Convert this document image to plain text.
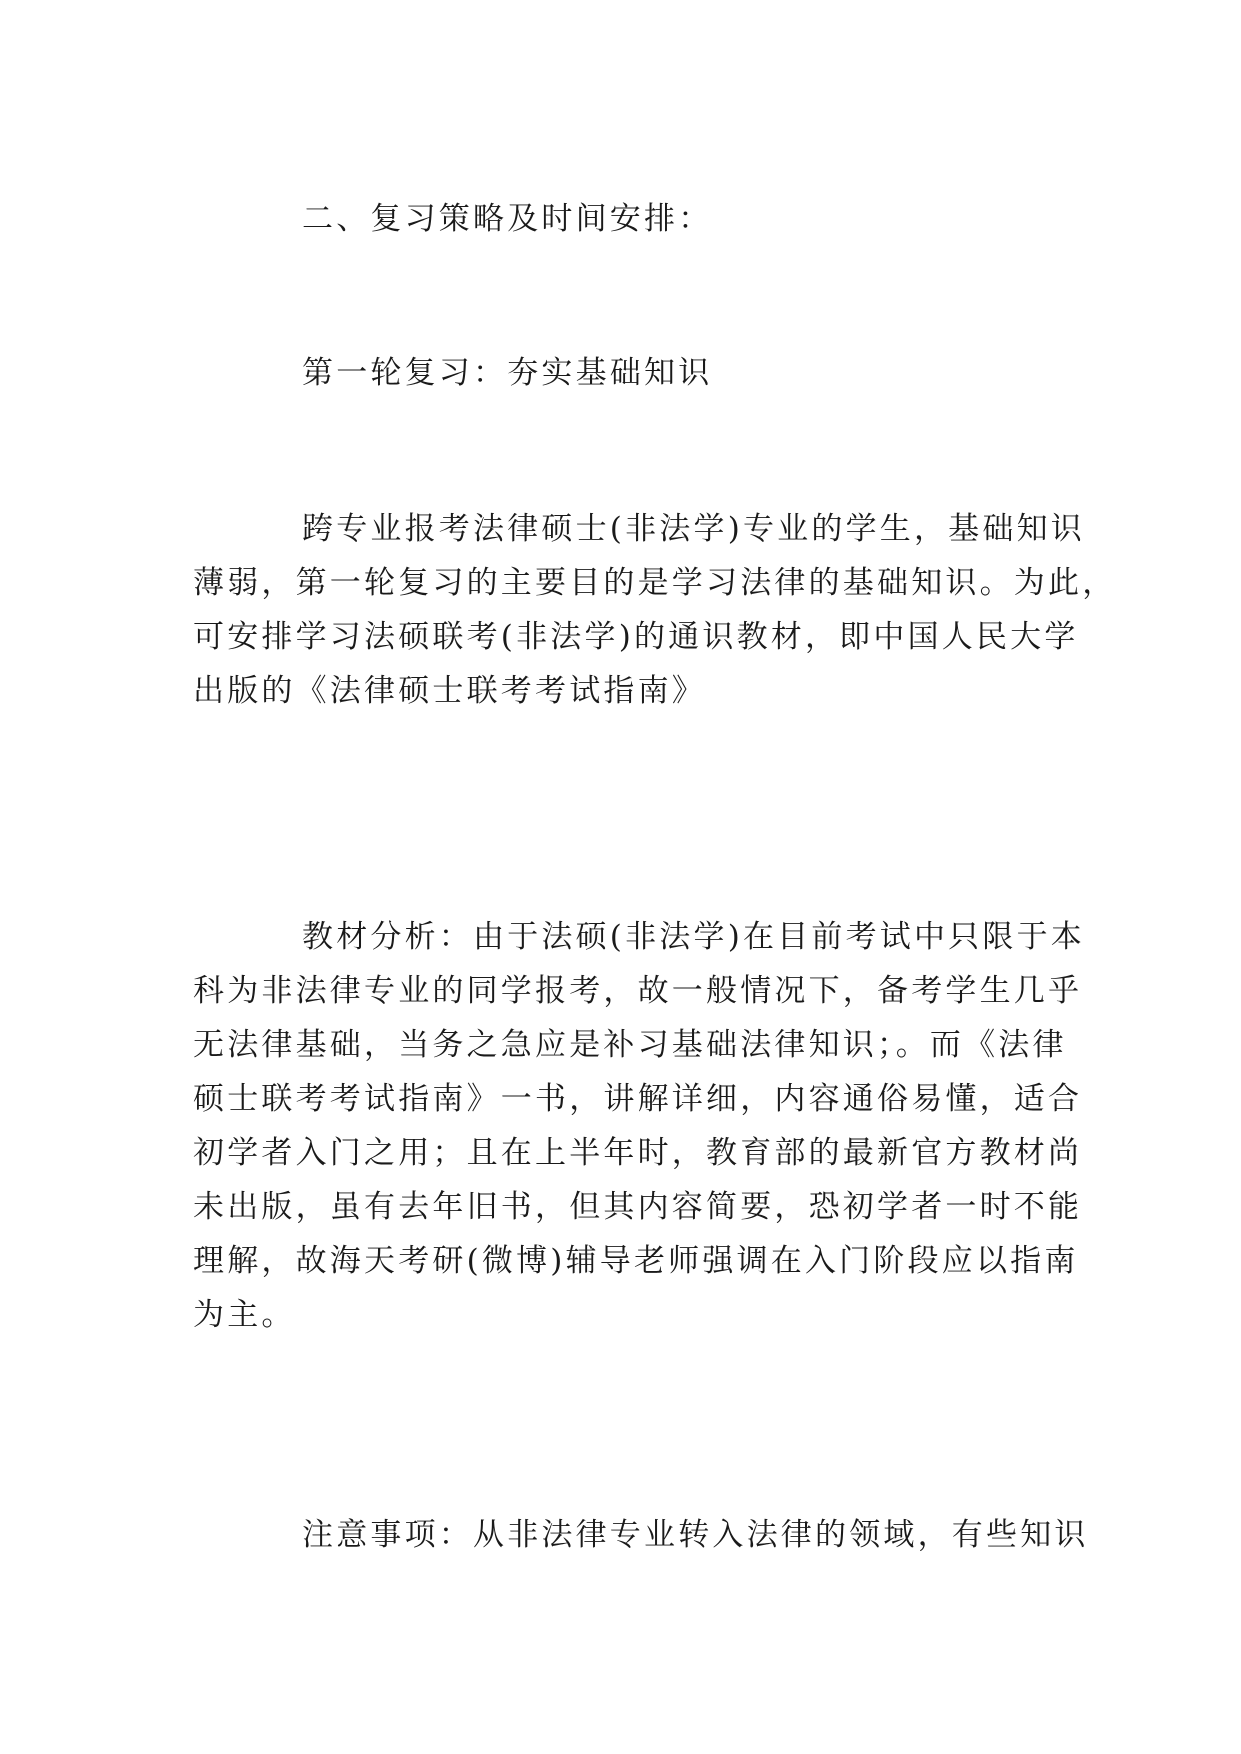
二、复习策略及时间安排：

第一轮复习：夯实基础知识

跨专业报考法律硕士(非法学)专业的学生，基础知识
薄弱，第一轮复习的主要目的是学习法律的基础知识。为此，
可安排学习法硕联考(非法学)的通识教材，即中国人民大学
出版的《法律硕士联考考试指南》
教材分析：由于法硕(非法学)在目前考试中只限于本
科为非法律专业的同学报考，故一般情况下，备考学生几乎
无法律基础，当务之急应是补习基础法律知识；。而《法律
硕士联考考试指南》一书，讲解详细，内容通俗易懂，适合
初学者入门之用；且在上半年时，教育部的最新官方教材尚
未出版，虽有去年旧书，但其内容简要，恐初学者一时不能
理解，故海天考研(微博)辅导老师强调在入门阶段应以指南
为主。
注意事项：从非法律专业转入法律的领域，有些知识
